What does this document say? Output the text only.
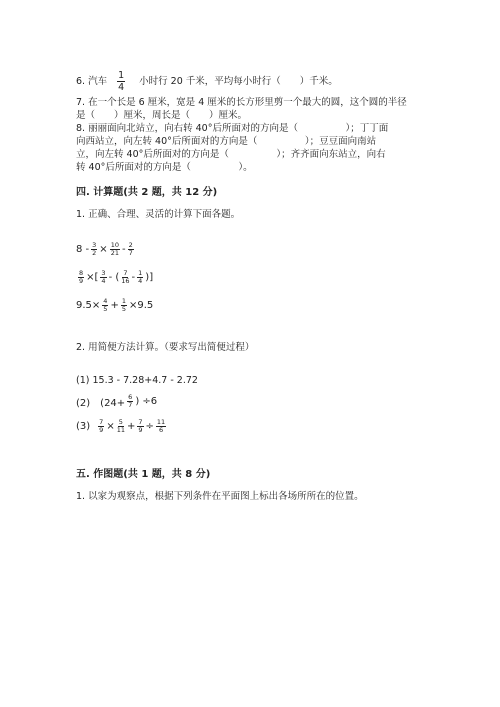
6. 汽车 $\frac{1}{4}$ 小时行 20 千米，平均每小时行（　　）千米。
7. 在一个长是 6 厘米，宽是 4 厘米的长方形里剪一个最大的圆，这个圆的半径
是（　　）厘米，周长是（　　）厘米。
8. 丽丽面向北站立，向右转 40°后所面对的方向是（　　　　　）；丁丁面
向西站立，向左转 40°后所面对的方向是（　　　　　）；豆豆面向南站
立，向左转 40°后所面对的方向是（　　　　　）；齐齐面向东站立，向右
转 40°后所面对的方向是（　　　　　）。
四. 计算题(共 2 题，共 12 分)
1. 正确、合理、灵活的计算下面各题。
$8 - \frac{3}{2} \times \frac{10}{21} - \frac{2}{7}$
$\frac{8}{9}$ ×[ $\frac{3}{4}$ - ( $\frac{7}{16} - \frac{1}{4}$ )]
$9.5\times \frac{4}{5} + \frac{1}{5} \times 9.5$
2. 用简便方法计算。（要求写出简便过程）
(1) 15.3 - 7.28+4.7 - 2.72
(2)　($24+ \frac{6}{7}$ ) ÷6
$(3) \frac{7}{9} \times \frac{5}{11} + \frac{7}{9} \div \frac{11}{6}$
五. 作图题(共 1 题，共 8 分)
1. 以家为观察点，根据下列条件在平面图上标出各场所所在的位置。
